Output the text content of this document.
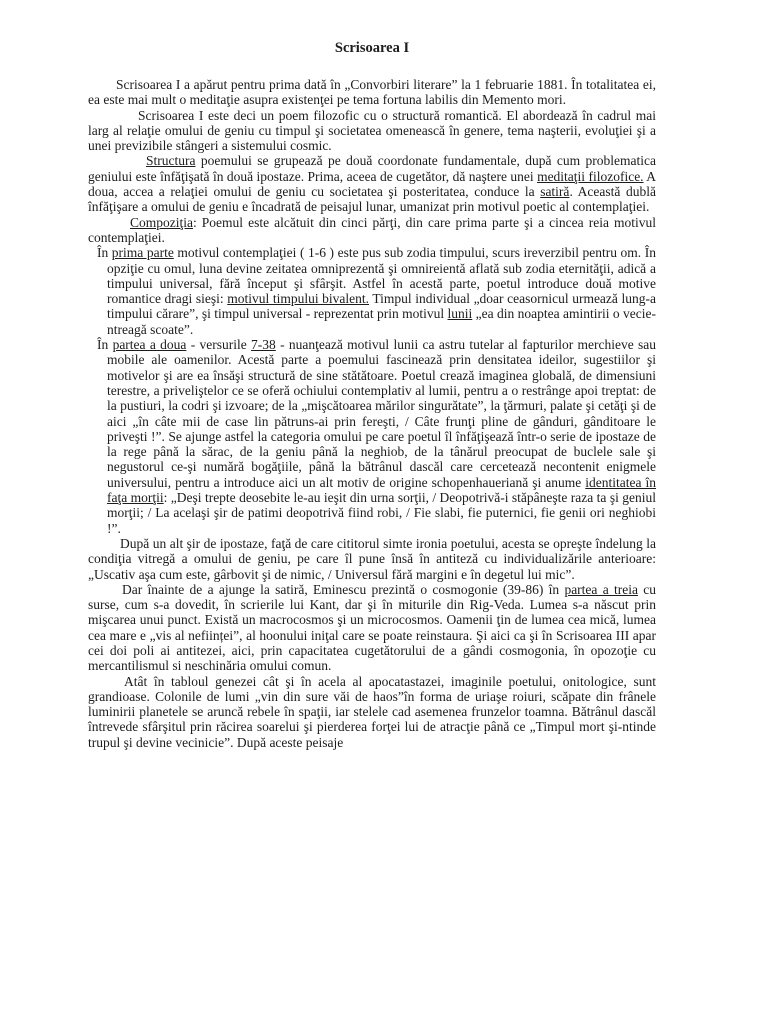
Scrisoarea I

Scrisoarea I a apărut pentru prima dată în „Convorbiri literare” la 1 februarie 1881. În totalitatea ei, ea este mai mult o meditaţie asupra existenţei pe tema fortuna labilis din Memento mori.

Scrisoarea I este deci un poem filozofic cu o structură romantică. El abordează în cadrul mai larg al relaţie omului de geniu cu timpul şi societatea omenească în genere, tema naşterii, evoluţiei şi a unei previzibile stângeri a sistemului cosmic.

Structura poemului se grupează pe două coordonate fundamentale, după cum problematica geniului este înfăţişată în două ipostaze. Prima, aceea de cugetător, dă naştere unei meditaţii filozofice. A doua, accea a relaţiei omului de geniu cu societatea şi posteritatea, conduce la satiră. Această dublă înfăţişare a omului de geniu e încadrată de peisajul lunar, umanizat prin motivul poetic al contemplaţiei.

Compoziţia: Poemul este alcătuit din cinci părţi, din care prima parte şi a cincea reia motivul contemplaţiei.

În prima parte motivul contemplaţiei ( 1-6 ) este pus sub zodia timpului, scurs ireverzibil pentru om. În opziţie cu omul, luna devine zeitatea omniprezentă şi omnireientă aflată sub zodia eternităţii, adică a timpului universal, fără început şi sfârşit. Astfel în acestă parte, poetul introduce două motive romantice dragi sieşi: motivul timpului bivalent. Timpul individual „doar ceasornicul urmează lung-a timpului cărare”, şi timpul universal - reprezentat prin motivul lunii „ea din noaptea amintirii o vecie-ntreagă scoate”.

În partea a doua - versurile 7-38 - nuanţează motivul lunii ca astru tutelar al fapturilor merchieve sau mobile ale oamenilor. Acestă parte a poemului fascinează prin densitatea ideilor, sugestiilor şi motivelor şi are ea însăşi structură de sine stătătoare. Poetul crează imaginea globală, de dimensiuni terestre, a priveliştelor ce se oferă ochiului contemplativ al lumii, pentru a o restrânge apoi treptat: de la pustiuri, la codri şi izvoare; de la „mişcătoarea mărilor singurătate”, la ţărmuri, palate şi cetăţi şi de aici „în câte mii de case lin pătruns-ai prin fereşti, / Câte frunţi pline de gânduri, gânditoare le priveşti !”. Se ajunge astfel la categoria omului pe care poetul îl înfăţişează într-o serie de ipostaze de la rege până la sărac, de la geniu până la neghiob, de la tânărul preocupat de buclele sale şi negustorul ce-şi numără bogăţiile, până la bătrânul dascăl care cercetează necontenit enigmele universului, pentru a introduce aici un alt motiv de origine schopenhaueriană şi anume identitatea în faţa morţii: „Deşi trepte deosebite le-au ieşit din urna sorţii, / Deopotrivă-i stăpâneşte raza ta şi geniul morţii; / La acelaşi şir de patimi deopotrivă fiind robi, / Fie slabi, fie puternici, fie genii ori neghiobi !”.

După un alt şir de ipostaze, faţă de care cititorul simte ironia poetului, acesta se opreşte îndelung la condiţia vitregă a omului de geniu, pe care îl pune însă în antiteză cu individualizările anterioare: „Uscativ aşa cum este, gârbovit şi de nimic, / Universul fără margini e în degetul lui mic”.

Dar înainte de a ajunge la satiră, Eminescu prezintă o cosmogonie (39-86) în partea a treia cu surse, cum s-a dovedit, în scrierile lui Kant, dar şi în miturile din Rig-Veda. Lumea s-a născut prin mişcarea unui punct. Există un macrocosmos şi un microcosmos. Oamenii ţin de lumea cea mică, lumea cea mare e „vis al neființei”, al hoonului iniţal care se poate reinstaura. Şi aici ca şi în Scrisoarea III apar cei doi poli ai antitezei, aici, prin capacitatea cugetătorului de a gândi cosmogonia, în opozoţie cu mercantilismul si neschinăria omului comun.

Atât în tabloul genezei cât şi în acela al apocatastazei, imaginile poetului, onitologice, sunt grandioase. Colonile de lumi „vin din sure văi de haos”în forma de uriaşe roiuri, scăpate din frânele luminirii planetele se aruncă rebele în spaţii, iar stelele cad asemenea frunzelor toamna. Bătrânul dascăl întrevede sfârşitul prin răcirea soarelui şi pierderea forţei lui de atracţie până ce „Timpul mort şi-ntinde trupul şi devine vecinicie”. După aceste peisaje
